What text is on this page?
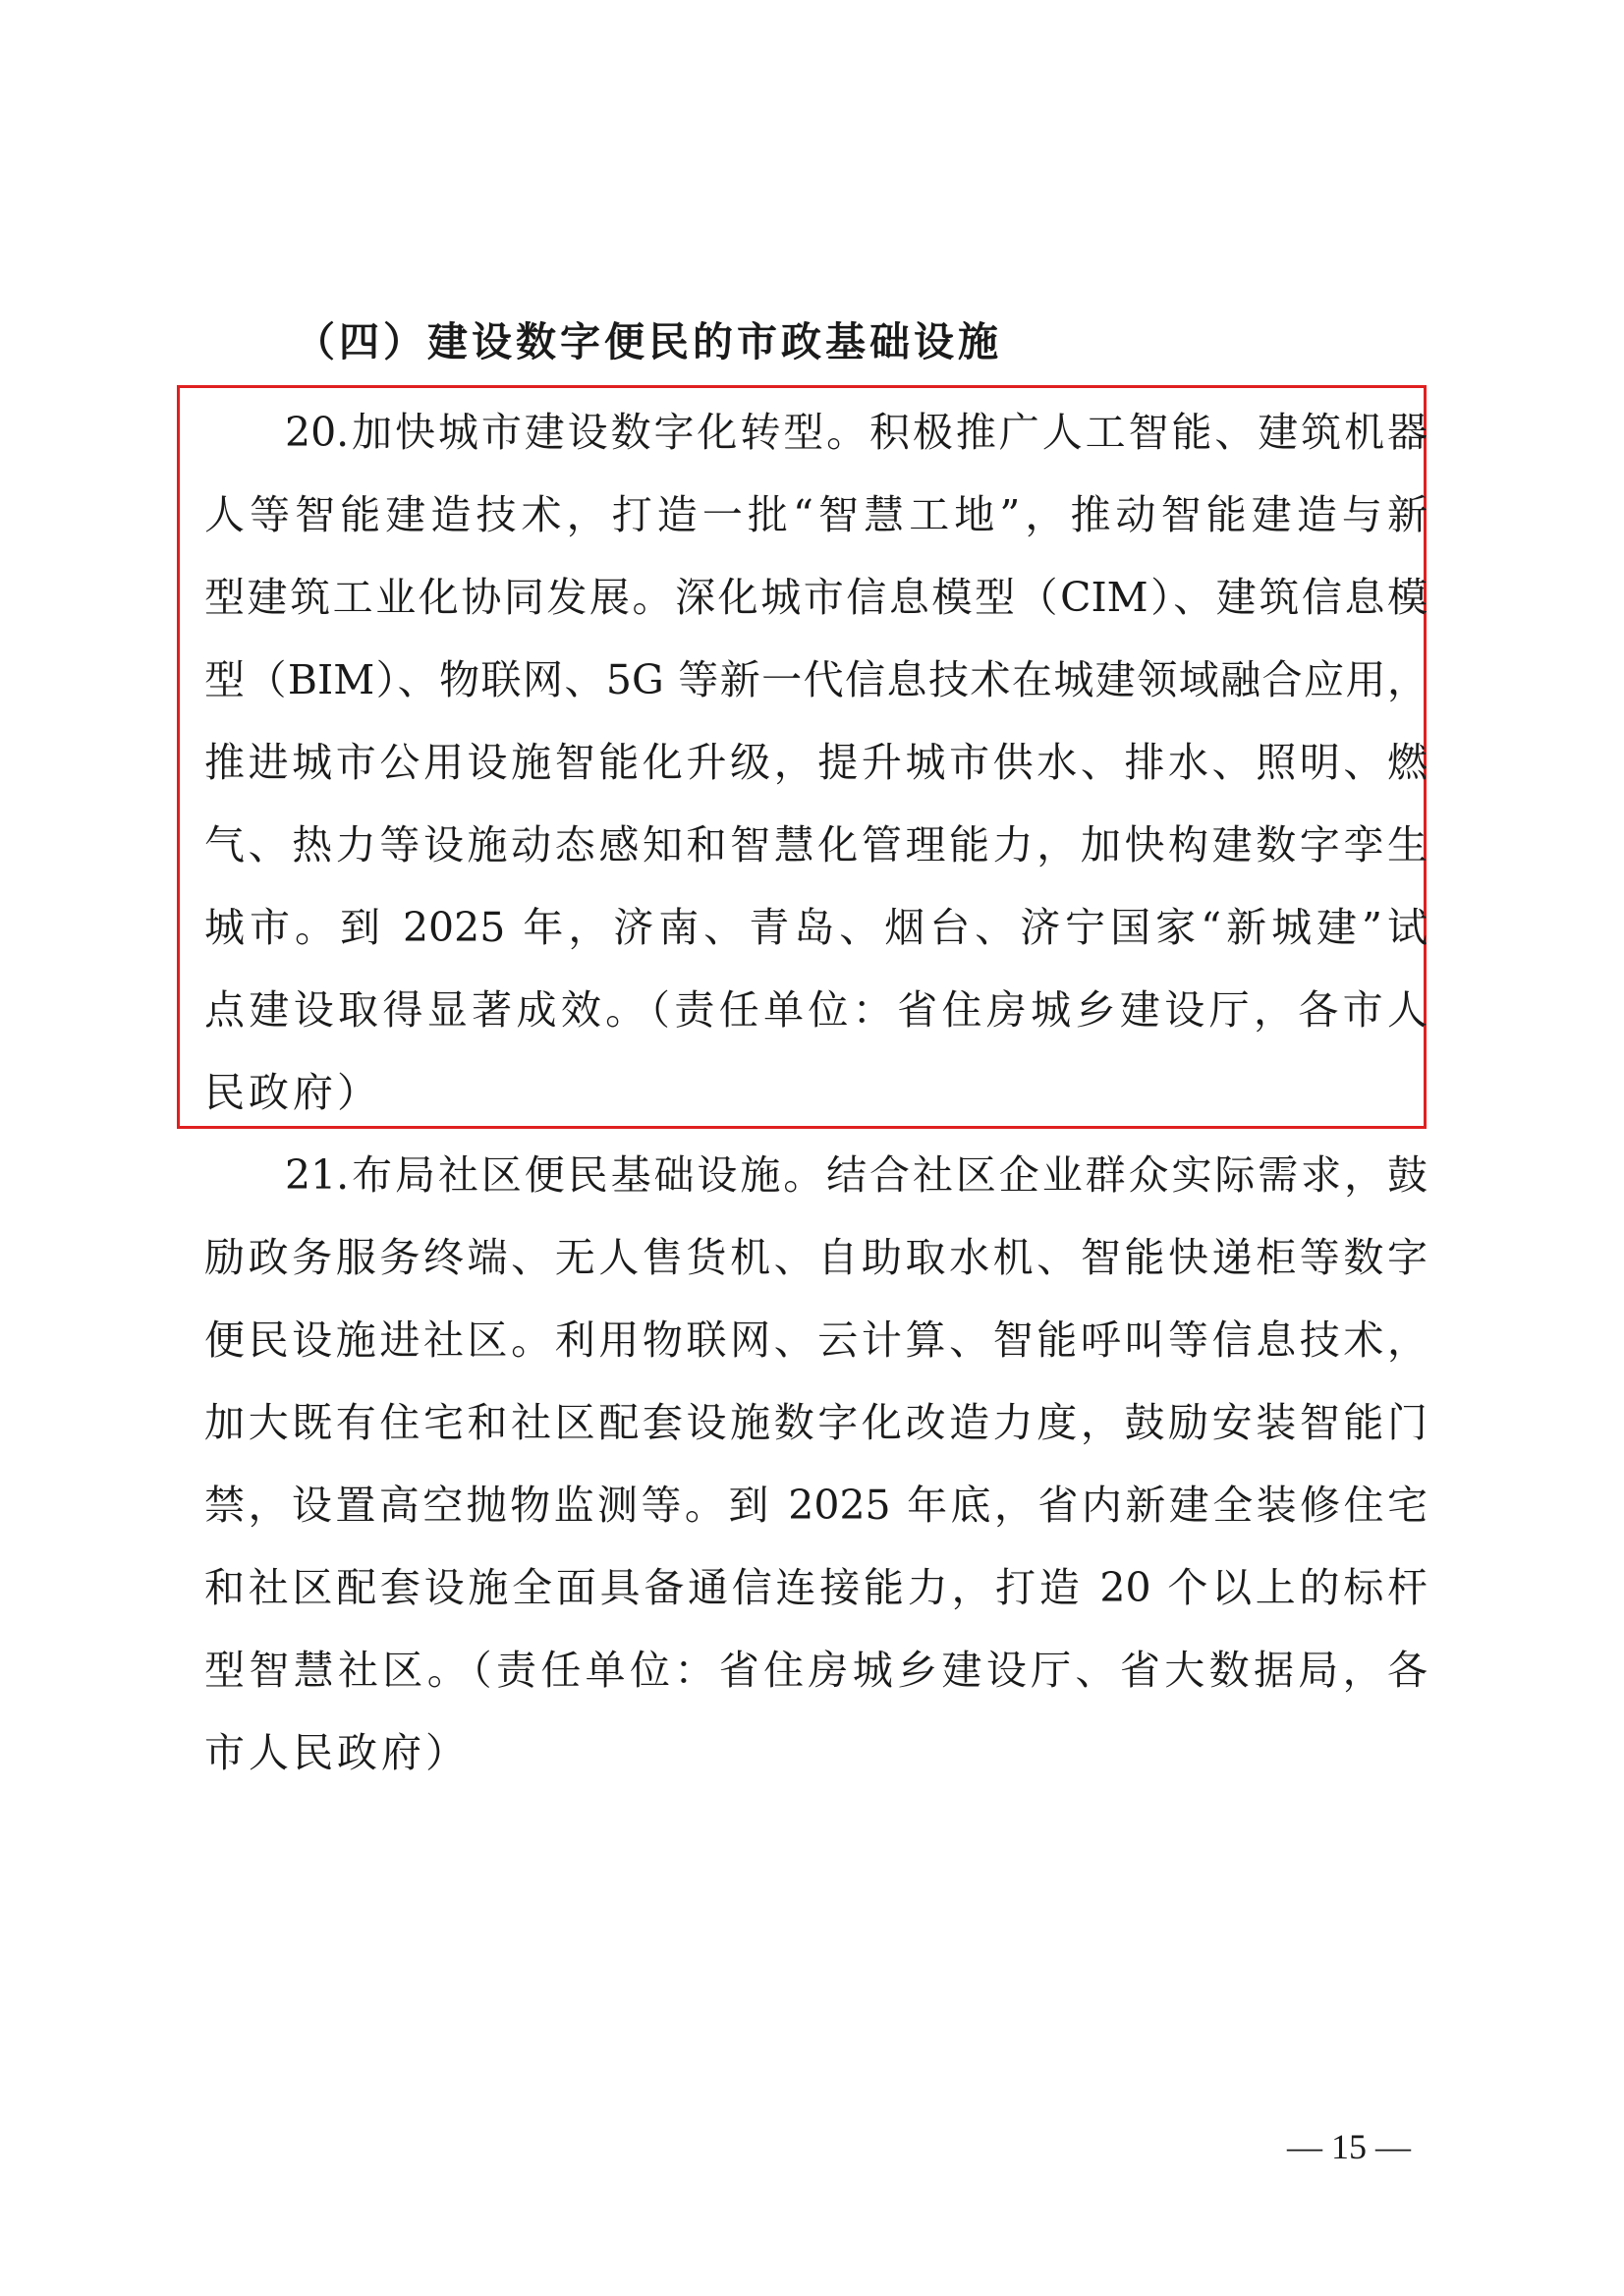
（四）建设数字便民的市政基础设施
20.加快城市建设数字化转型。积极推广人工智能、建筑机器
人等智能建造技术，打造一批“智慧工地”，推动智能建造与新
型建筑工业化协同发展。深化城市信息模型（CIM）、建筑信息模
型（BIM）、物联网、5G 等新一代信息技术在城建领域融合应用，
推进城市公用设施智能化升级，提升城市供水、排水、照明、燃
气、热力等设施动态感知和智慧化管理能力，加快构建数字孪生
城市。到 2025 年，济南、青岛、烟台、济宁国家“新城建”试
点建设取得显著成效。（责任单位：省住房城乡建设厅，各市人
民政府）
21.布局社区便民基础设施。结合社区企业群众实际需求，鼓
励政务服务终端、无人售货机、自助取水机、智能快递柜等数字
便民设施进社区。利用物联网、云计算、智能呼叫等信息技术，
加大既有住宅和社区配套设施数字化改造力度，鼓励安装智能门
禁，设置高空抛物监测等。到 2025 年底，省内新建全装修住宅
和社区配套设施全面具备通信连接能力，打造 20 个以上的标杆
型智慧社区。（责任单位：省住房城乡建设厅、省大数据局，各
市人民政府）
— 15 —
